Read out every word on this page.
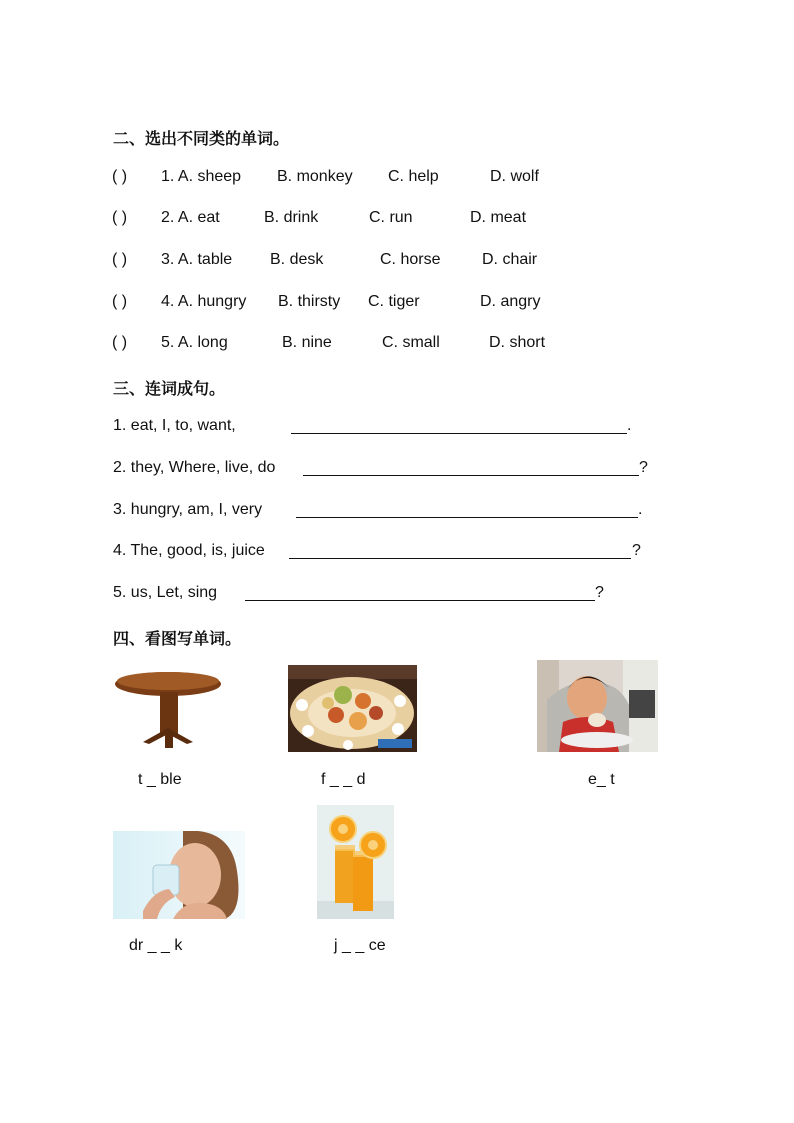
二、选出不同类的单词。
( ) 1. A. sheep B. monkey C. help	D. wolf
( ) 2. A. eat	B. drink	C. run	D. meat
( ) 3. A. table B. desk	C. horse	D. chair
( ) 4. A. hungry B. thirsty C. tiger	D. angry
( ) 5. A. long	B. nine	C. small	D. short
三、连词成句。
1. eat, I, to, want,	.
2. they, Where, live, do	?
3. hungry, am, I, very	.
4. The, good, is, juice	?
5. us, Let, sing	?
四、看图写单词。
t _ ble	f _ _ d	e_ t
dr _ _ k	j _ _ ce
